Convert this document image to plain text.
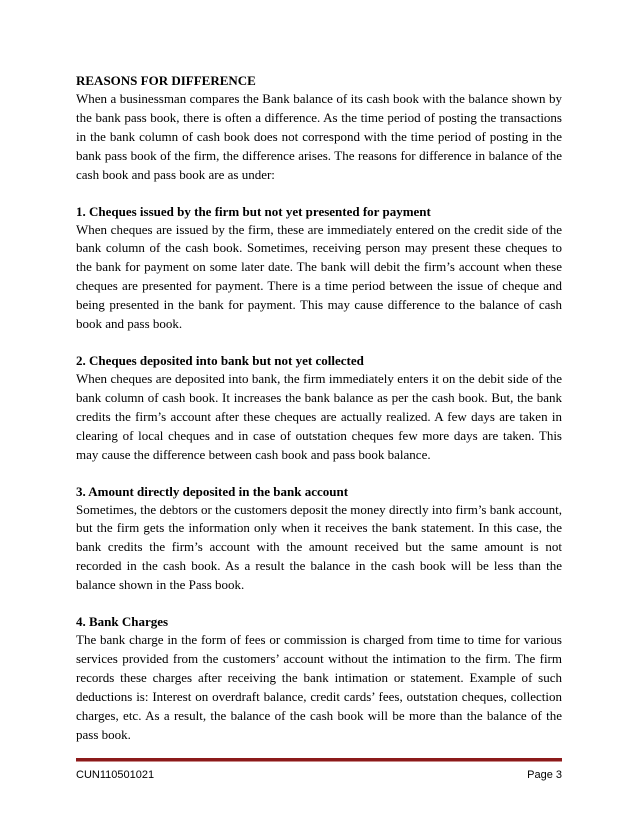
REASONS FOR DIFFERENCE

When a businessman compares the Bank balance of its cash book with the balance shown by the bank pass book, there is often a difference. As the time period of posting the transactions in the bank column of cash book does not correspond with the time period of posting in the bank pass book of the firm, the difference arises. The reasons for difference in balance of the cash book and pass book are as under:

1. Cheques issued by the firm but not yet presented for payment

When cheques are issued by the firm, these are immediately entered on the credit side of the bank column of the cash book. Sometimes, receiving person may present these cheques to the bank for payment on some later date. The bank will debit the firm’s account when these cheques are presented for payment. There is a time period between the issue of cheque and being presented in the bank for payment. This may cause difference to the balance of cash book and pass book.

2. Cheques deposited into bank but not yet collected

When cheques are deposited into bank, the firm immediately enters it on the debit side of the bank column of cash book. It increases the bank balance as per the cash book. But, the bank credits the firm’s account after these cheques are actually realized. A few days are taken in clearing of local cheques and in case of outstation cheques few more days are taken. This may cause the difference between cash book and pass book balance.

3. Amount directly deposited in the bank account

Sometimes, the debtors or the customers deposit the money directly into firm’s bank account, but the firm gets the information only when it receives the bank statement. In this case, the bank credits the firm’s account with the amount received but the same amount is not recorded in the cash book. As a result the balance in the cash book will be less than the balance shown in the Pass book.

4. Bank Charges

The bank charge in the form of fees or commission is charged from time to time for various services provided from the customers’ account without the intimation to the firm. The firm records these charges after receiving the bank intimation or statement. Example of such deductions is: Interest on overdraft balance, credit cards’ fees, outstation cheques, collection charges, etc. As a result, the balance of the cash book will be more than the balance of the pass book.

CUN110501021	Page 3
